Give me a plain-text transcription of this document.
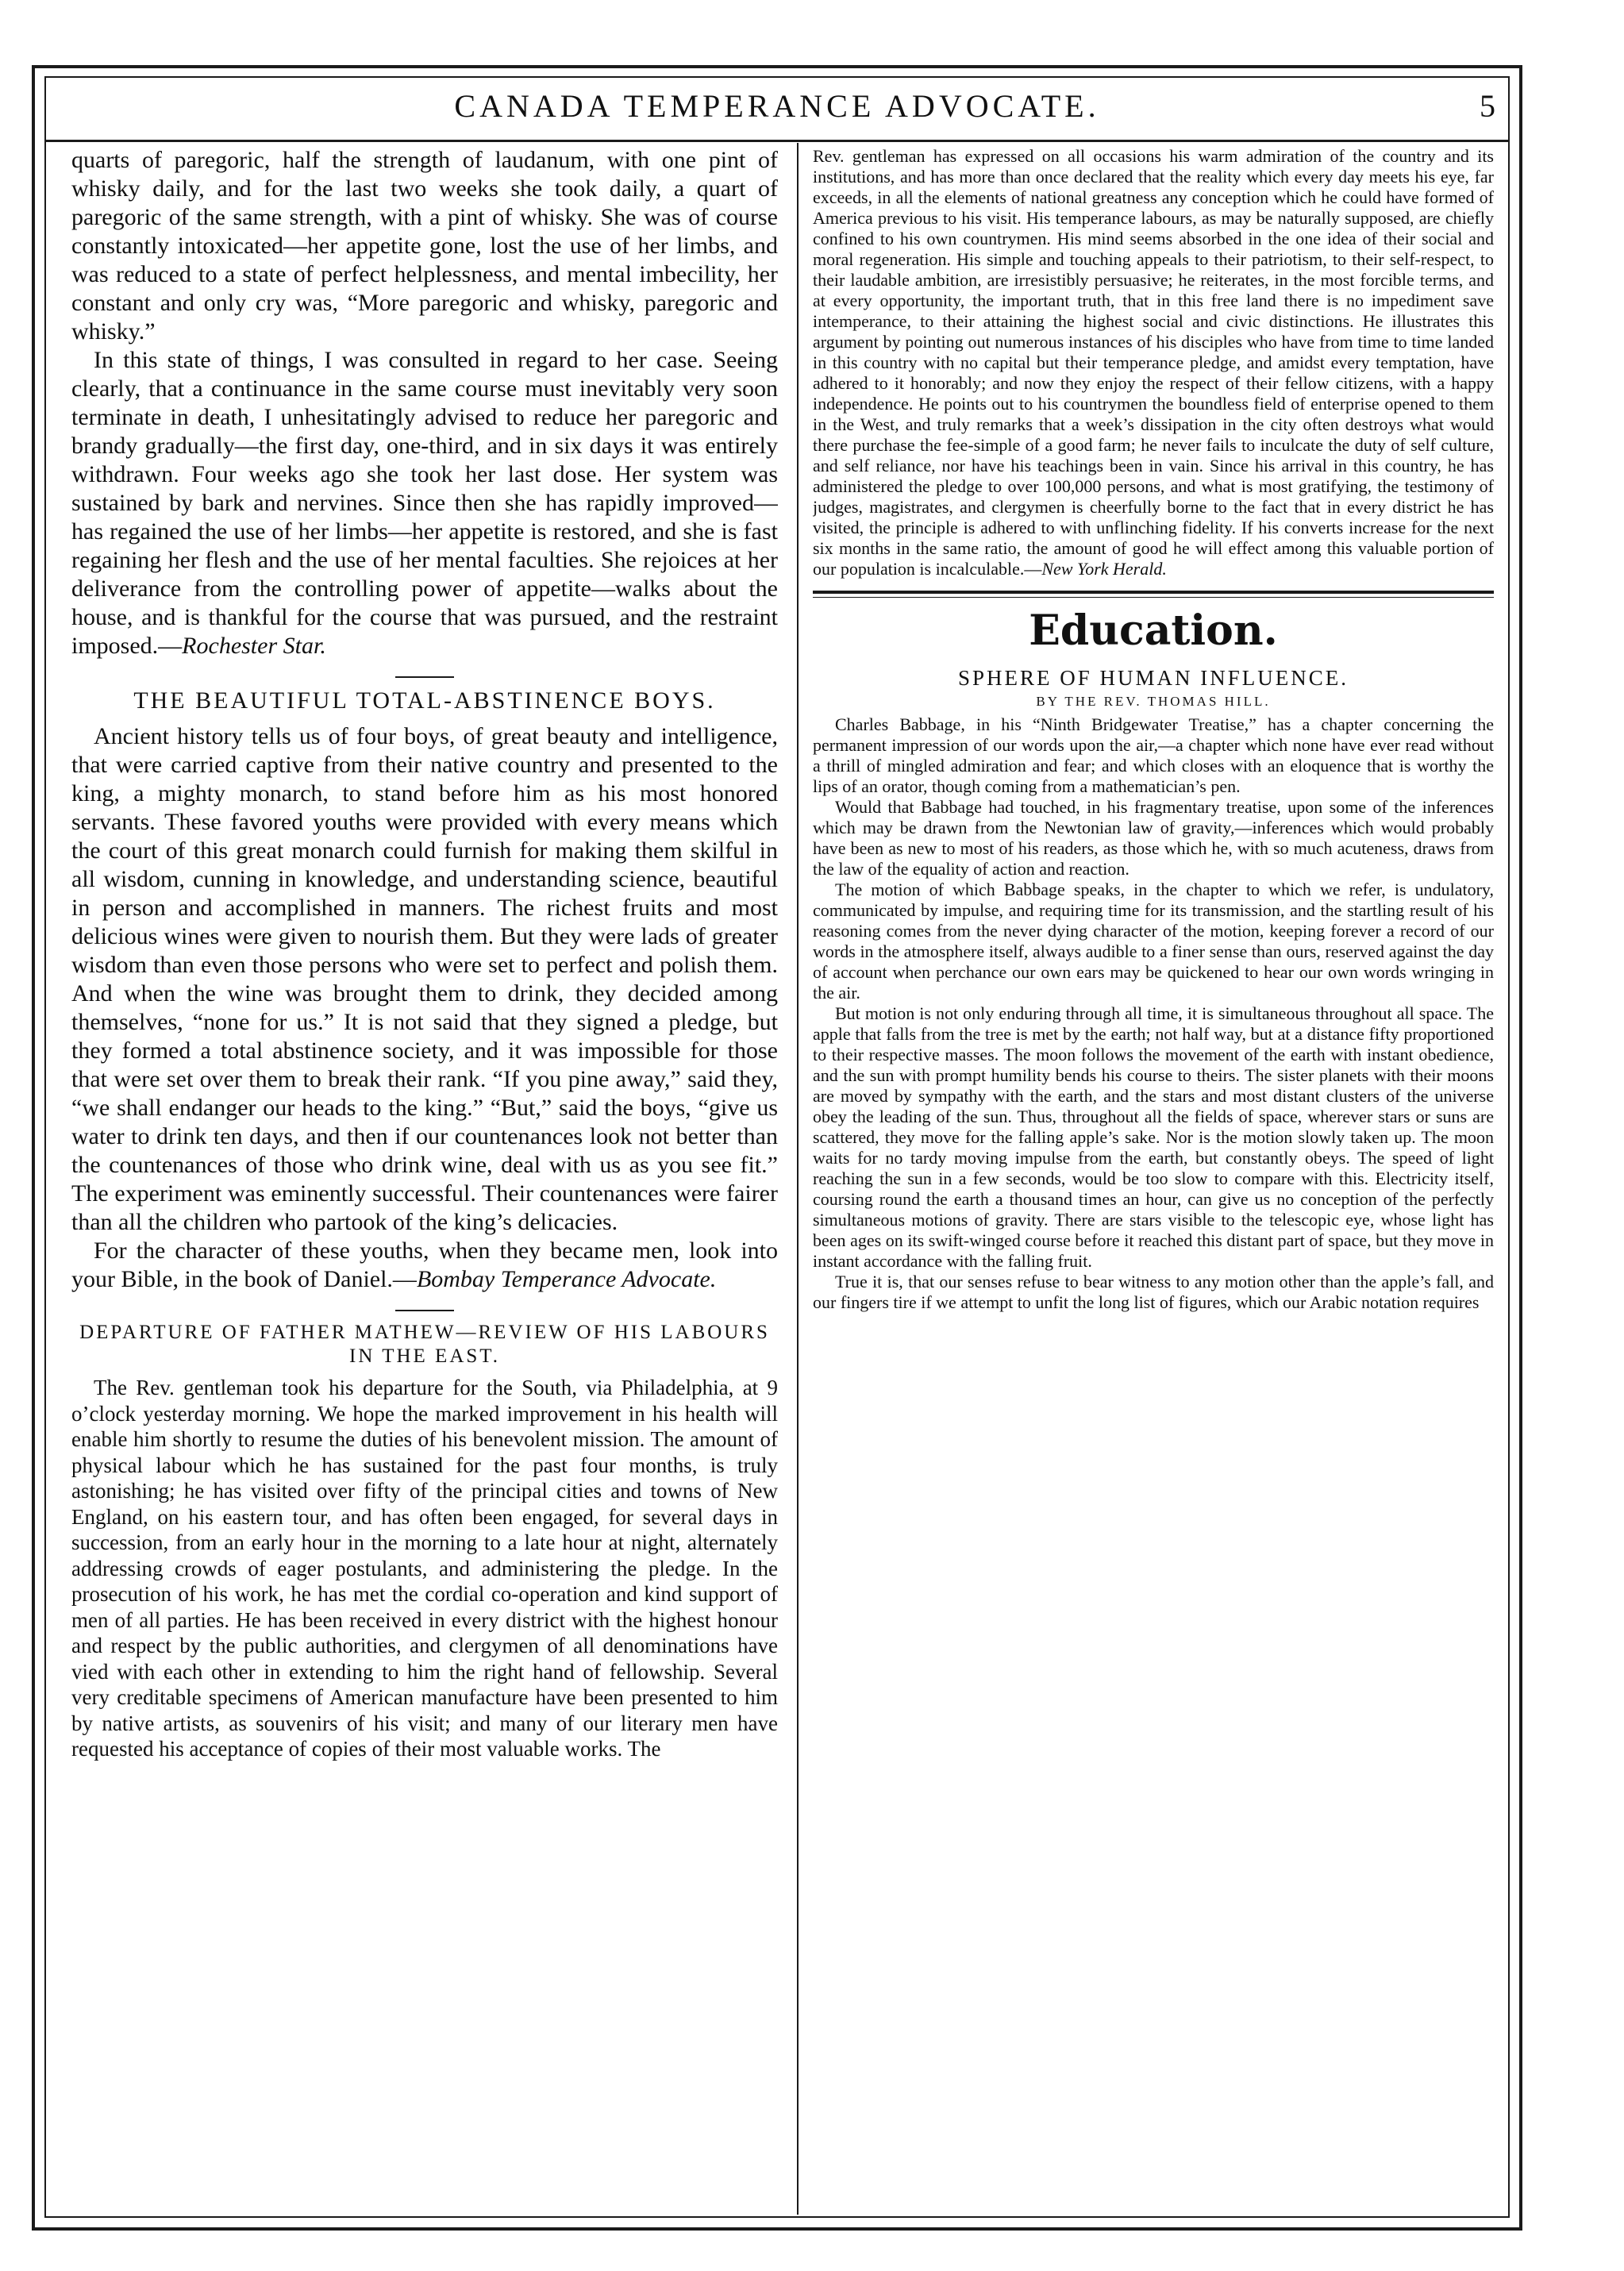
CANADA TEMPERANCE ADVOCATE.	5

quarts of paregoric, half the strength of laudanum, with one pint of whisky daily, and for the last two weeks she took daily, a quart of paregoric of the same strength, with a pint of whisky. She was of course constantly intoxicated—her appetite gone, lost the use of her limbs, and was reduced to a state of perfect helplessness, and mental imbecility, her constant and only cry was, “More paregoric and whisky, paregoric and whisky.”

In this state of things, I was consulted in regard to her case. Seeing clearly, that a continuance in the same course must inevitably very soon terminate in death, I unhesitatingly advised to reduce her paregoric and brandy gradually—the first day, one-third, and in six days it was entirely withdrawn. Four weeks ago she took her last dose. Her system was sustained by bark and nervines. Since then she has rapidly improved—has regained the use of her limbs—her appetite is restored, and she is fast regaining her flesh and the use of her mental faculties. She rejoices at her deliverance from the controlling power of appetite—walks about the house, and is thankful for the course that was pursued, and the restraint imposed.—Rochester Star.

THE BEAUTIFUL TOTAL-ABSTINENCE BOYS.

Ancient history tells us of four boys, of great beauty and intelligence, that were carried captive from their native country and presented to the king, a mighty monarch, to stand before him as his most honored servants. These favored youths were provided with every means which the court of this great monarch could furnish for making them skilful in all wisdom, cunning in knowledge, and understanding science, beautiful in person and accomplished in manners. The richest fruits and most delicious wines were given to nourish them. But they were lads of greater wisdom than even those persons who were set to perfect and polish them. And when the wine was brought them to drink, they decided among themselves, “none for us.” It is not said that they signed a pledge, but they formed a total abstinence society, and it was impossible for those that were set over them to break their rank. “If you pine away,” said they, “we shall endanger our heads to the king.” “But,” said the boys, “give us water to drink ten days, and then if our countenances look not better than the countenances of those who drink wine, deal with us as you see fit.” The experiment was eminently successful. Their countenances were fairer than all the children who partook of the king’s delicacies.

For the character of these youths, when they became men, look into your Bible, in the book of Daniel.—Bombay Temperance Advocate.

DEPARTURE OF FATHER MATHEW—REVIEW OF HIS LABOURS IN THE EAST.

The Rev. gentleman took his departure for the South, via Philadelphia, at 9 o’clock yesterday morning. We hope the marked improvement in his health will enable him shortly to resume the duties of his benevolent mission. The amount of physical labour which he has sustained for the past four months, is truly astonishing; he has visited over fifty of the principal cities and towns of New England, on his eastern tour, and has often been engaged, for several days in succession, from an early hour in the morning to a late hour at night, alternately addressing crowds of eager postulants, and administering the pledge. In the prosecution of his work, he has met the cordial co-operation and kind support of men of all parties. He has been received in every district with the highest honour and respect by the public authorities, and clergymen of all denominations have vied with each other in extending to him the right hand of fellowship. Several very creditable specimens of American manufacture have been presented to him by native artists, as souvenirs of his visit; and many of our literary men have requested his acceptance of copies of their most valuable works. The

Rev. gentleman has expressed on all occasions his warm admiration of the country and its institutions, and has more than once declared that the reality which every day meets his eye, far exceeds, in all the elements of national greatness any conception which he could have formed of America previous to his visit. His temperance labours, as may be naturally supposed, are chiefly confined to his own countrymen. His mind seems absorbed in the one idea of their social and moral regeneration. His simple and touching appeals to their patriotism, to their self-respect, to their laudable ambition, are irresistibly persuasive; he reiterates, in the most forcible terms, and at every opportunity, the important truth, that in this free land there is no impediment save intemperance, to their attaining the highest social and civic distinctions. He illustrates this argument by pointing out numerous instances of his disciples who have from time to time landed in this country with no capital but their temperance pledge, and amidst every temptation, have adhered to it honorably; and now they enjoy the respect of their fellow citizens, with a happy independence. He points out to his countrymen the boundless field of enterprise opened to them in the West, and truly remarks that a week’s dissipation in the city often destroys what would there purchase the fee-simple of a good farm; he never fails to inculcate the duty of self culture, and self reliance, nor have his teachings been in vain. Since his arrival in this country, he has administered the pledge to over 100,000 persons, and what is most gratifying, the testimony of judges, magistrates, and clergymen is cheerfully borne to the fact that in every district he has visited, the principle is adhered to with unflinching fidelity. If his converts increase for the next six months in the same ratio, the amount of good he will effect among this valuable portion of our population is incalculable.—New York Herald.

Education.
SPHERE OF HUMAN INFLUENCE.
BY THE REV. THOMAS HILL.

Charles Babbage, in his “Ninth Bridgewater Treatise,” has a chapter concerning the permanent impression of our words upon the air,—a chapter which none have ever read without a thrill of mingled admiration and fear; and which closes with an eloquence that is worthy the lips of an orator, though coming from a mathematician’s pen.

Would that Babbage had touched, in his fragmentary treatise, upon some of the inferences which may be drawn from the Newtonian law of gravity,—inferences which would probably have been as new to most of his readers, as those which he, with so much acuteness, draws from the law of the equality of action and reaction.

The motion of which Babbage speaks, in the chapter to which we refer, is undulatory, communicated by impulse, and requiring time for its transmission, and the startling result of his reasoning comes from the never dying character of the motion, keeping forever a record of our words in the atmosphere itself, always audible to a finer sense than ours, reserved against the day of account when perchance our own ears may be quickened to hear our own words wringing in the air.

But motion is not only enduring through all time, it is simultaneous throughout all space. The apple that falls from the tree is met by the earth; not half way, but at a distance fifty proportioned to their respective masses. The moon follows the movement of the earth with instant obedience, and the sun with prompt humility bends his course to theirs. The sister planets with their moons are moved by sympathy with the earth, and the stars and most distant clusters of the universe obey the leading of the sun. Thus, throughout all the fields of space, wherever stars or suns are scattered, they move for the falling apple’s sake. Nor is the motion slowly taken up. The moon waits for no tardy moving impulse from the earth, but constantly obeys. The speed of light reaching the sun in a few seconds, would be too slow to compare with this. Electricity itself, coursing round the earth a thousand times an hour, can give us no conception of the perfectly simultaneous motions of gravity. There are stars visible to the telescopic eye, whose light has been ages on its swift-winged course before it reached this distant part of space, but they move in instant accordance with the falling fruit.

True it is, that our senses refuse to bear witness to any motion other than the apple’s fall, and our fingers tire if we attempt to unfit the long list of figures, which our Arabic notation requires
